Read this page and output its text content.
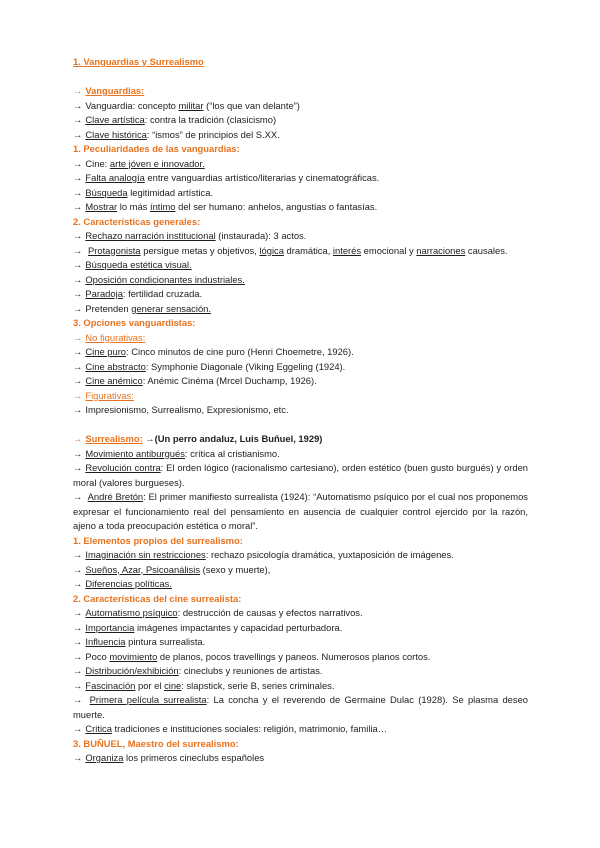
1. Vanguardias y Surrealismo
→ Vanguardias:
→ Vanguardia: concepto militar (“los que van delante”)
→ Clave artística: contra la tradición (clasicismo)
→ Clave histórica: “ismos” de principios del S.XX.
1. Peculiaridades de las vanguardias:
→ Cine: arte jóven e innovador.
→ Falta analogía entre vanguardias artístico/literarias y cinematográficas.
→ Búsqueda legitimidad artística.
→ Mostrar lo más íntimo del ser humano: anhelos, angustias o fantasías.
2. Características generales:
→ Rechazo narración institucional (instaurada): 3 actos.
→ Protagonista persigue metas y objetivos, lógica dramática, interés emocional y narraciones causales.
→ Búsqueda estética visual.
→ Oposición condicionantes industriales.
→ Paradoja: fertilidad cruzada.
→ Pretenden generar sensación.
3. Opciones vanguardistas:
→ No figurativas:
→ Cine puro: Cinco minutos de cine puro (Henri Choemetre, 1926).
→ Cine abstracto: Symphonie Diagonale (Viking Eggeling (1924).
→ Cine anémico: Anémic Cinéma (Mrcel Duchamp, 1926).
→ Figurativas:
→ Impresionismo, Surrealismo, Expresionismo, etc.
→ Surrealismo: →(Un perro andaluz, Luis Buñuel, 1929)
→ Movimiento antiburgués: crítica al cristianismo.
→ Revolución contra: El orden lógico (racionalismo cartesiano), orden estético (buen gusto burgués) y orden moral (valores burgueses).
→ André Bretón: El primer manifiesto surrealista (1924): “Automatismo psíquico por el cual nos proponemos expresar el funcionamiento real del pensamiento en ausencia de cualquier control ejercido por la razón, ajeno a toda preocupación estética o moral”.
1. Elementos propios del surrealismo:
→ Imaginación sin restricciones: rechazo psicología dramática, yuxtaposición de imágenes.
→ Sueños, Azar, Psicoanálisis (sexo y muerte),
→ Diferencias políticas.
2. Características del cine surrealista:
→ Automatismo psíquico: destrucción de causas y efectos narrativos.
→ Importancia imágenes impactantes y capacidad perturbadora.
→ Influencia pintura surrealista.
→ Poco movimiento de planos, pocos travellings y paneos. Numerosos planos cortos.
→ Distribución/exhibición: cineclubs y reuniones de artistas.
→ Fascinación por el cine: slapstick, serie B, series criminales.
→ Primera película surrealista: La concha y el reverendo de Germaine Dulac (1928). Se plasma deseo muerte.
→ Critica tradiciones e instituciones sociales: religión, matrimonio, familia…
3. BUÑUEL, Maestro del surrealismo:
→ Organiza los primeros cineclubs españoles
